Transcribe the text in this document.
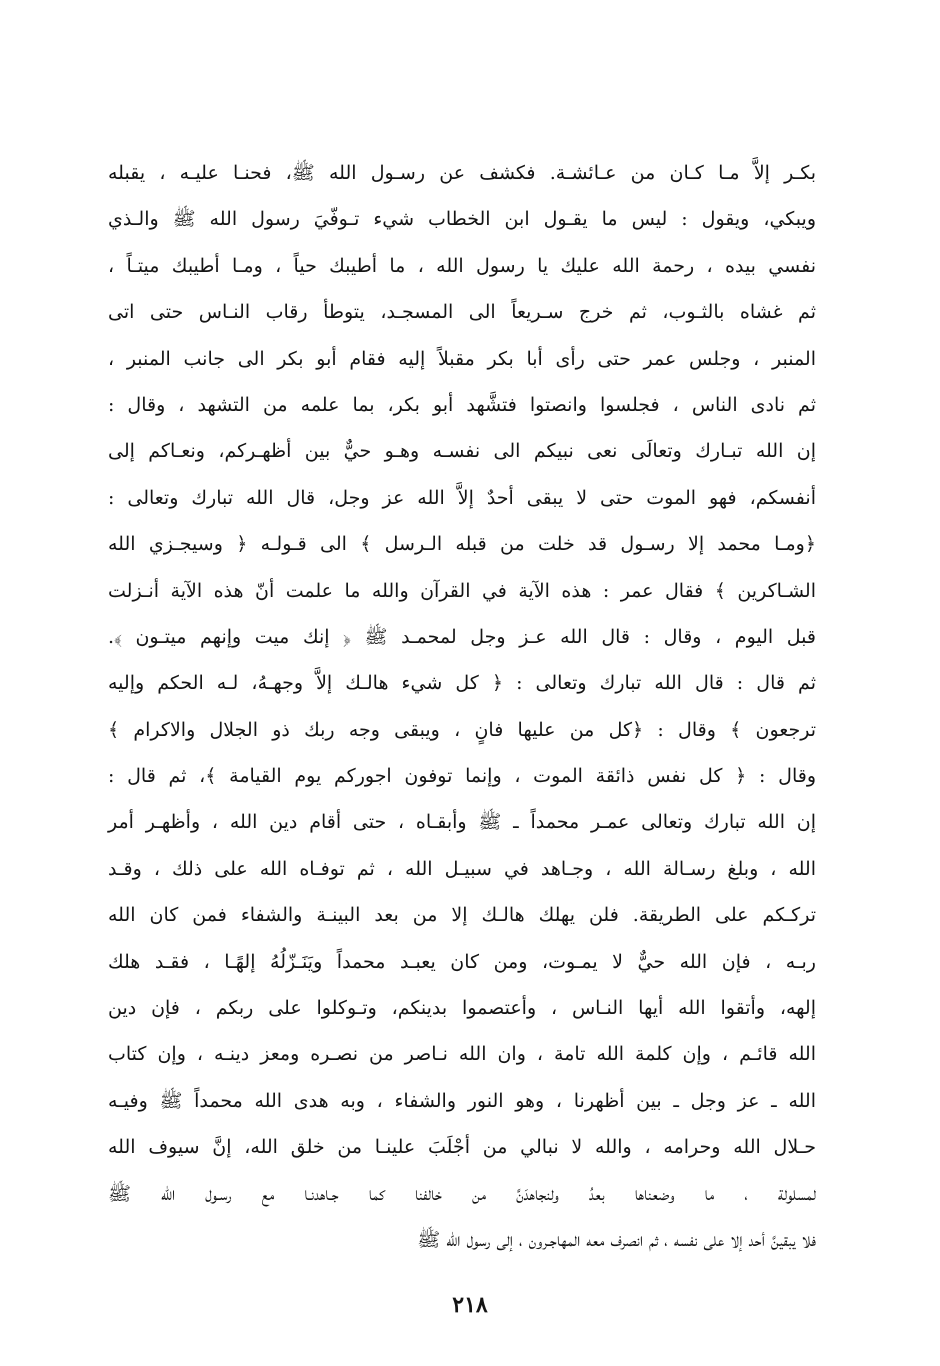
بكـر إلاَّ مـا كـان من عـائشـة. فكشف عن رسـول الله ﷺ، فحنـا عليـه ، يقبله
ويبكي، ويقول : ليس ما يقـول ابن الخطاب شيء تـوفّيَ رسول الله ﷺ والـذي
نفسي بيده ، رحمة الله عليك يا رسول الله ، ما أطيبك حياً ، ومـا أطيبك ميتـاً ،
ثم غشاه بالثـوب، ثم خرج سـريعاً الى المسجـد، يتوطأ رقاب النـاس حتى اتى
المنبر ، وجلس عمر حتى رأى أبا بكر مقبلاً إليه فقام أبو بكر الى جانب المنبر ،
ثم نادى الناس ، فجلسوا وانصتوا فتشَّهد أبو بكر، بما علمه من التشهد ، وقال :
إن الله تبـارك وتعالَى نعى نبيكم الى نفسـه وهـو حيٌّ بين أظهـركم، ونعـاكم إلى
أنفسكم، فهو الموت حتى لا يبقى أحدٌ إلاَّ الله عز وجل، قال الله تبارك وتعالى :
﴿ومـا محمد إلا رسـول قد خلت من قبله الـرسل ﴾ الى قـولـه ﴿ وسيجـزي الله
الشـاكرين ﴾ فقال عمر : هذه الآية في القرآن والله ما علمت أنّ هذه الآية أنـزلت
قبل اليوم ، وقال : قال الله عـز وجل لمحمـد ﷺ ﴿ إنك ميت وإنهم ميتـون ﴾.
ثم قال : قال الله تبارك وتعالى : ﴿ كل شيء هالـك إلاَّ وجهـهُ، لـه الحكم وإليه
ترجعون ﴾ وقال : ﴿كل من عليها فانٍ ، ويبقى وجه ربك ذو الجلال والاكرام ﴾
وقال : ﴿ كل نفس ذائقة الموت ، وإنما توفون اجوركم يوم القيامة ﴾، ثم قال :
إن الله تبارك وتعالى عمـر محمداً ـ ﷺ وأبقـاه ، حتى أقام دين الله ، وأظهـر أمر
الله ، وبلغ رسـالة الله ، وجـاهد في سبيـل الله ، ثم توفـاه الله على ذلك ، وقـد
تركـكم على الطريقة. فلن يهلك هالـك إلا من بعد البينـة والشفاء فمن كان الله
ربـه ، فإن الله حيٌّ لا يمـوت، ومن كان يعبـد محمداً ويَنَـزّلُهُ إلهًـا ، فقـد هلك
إلهه، وأتقوا الله أيها النـاس ، وأعتصموا بدينكم، وتـوكلوا على ربكم ، فإن دين
الله قائـم ، وإن كلمة الله تامة ، وان الله نـاصر من نصـره ومعز دينـه ، وإن كتاب
الله ـ عز وجل ـ بين أظهرنا ، وهو النور والشفاء ، وبه هدى الله محمداً ﷺ وفيـه
حـلال الله وحرامه ، والله لا نبالي من أجْلَبَ علينـا من خلق الله، إنَّ سيوف الله
لمسلولة ، ما وضعناها بعدُ ولنجاهدَنَّ من خالفنا كما جـاهدنـا مع رسـول الله ﷺ
فلا يبقينَّ أحد إلا على نفسه ، ثم انصرف معه المهاجـرون ، إلى رسول الله ﷺ
٢١٨
